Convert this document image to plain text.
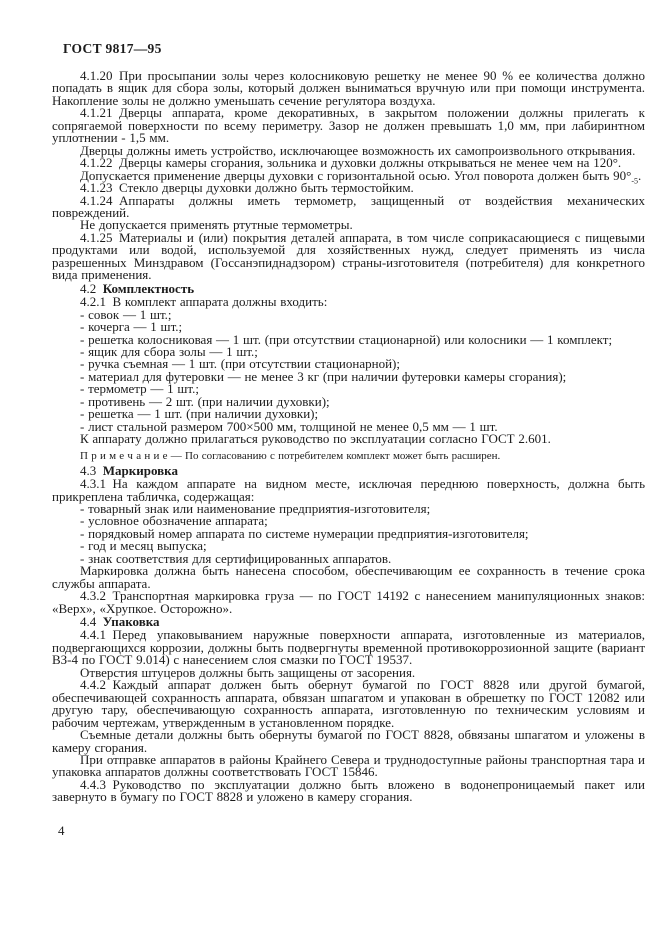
ГОСТ 9817—95
4.1.20 При просыпании золы через колосниковую решетку не менее 90 % ее количества должно попадать в ящик для сбора золы, который должен выниматься вручную или при помощи инструмента. Накопление золы не должно уменьшать сечение регулятора воздуха.
4.1.21 Дверцы аппарата, кроме декоративных, в закрытом положении должны прилегать к сопрягаемой поверхности по всему периметру. Зазор не должен превышать 1,0 мм, при лабиринтном уплотнении - 1,5 мм.
Дверцы должны иметь устройство, исключающее возможность их самопроизвольного открывания.
4.1.22 Дверцы камеры сгорания, зольника и духовки должны открываться не менее чем на 120°.
Допускается применение дверцы духовки с горизонтальной осью. Угол поворота должен быть $90^\circ_{-5}$.
4.1.23 Стекло дверцы духовки должно быть термостойким.
4.1.24 Аппараты должны иметь термометр, защищенный от воздействия механических повреждений.
Не допускается применять ртутные термометры.
4.1.25 Материалы и (или) покрытия деталей аппарата, в том числе соприкасающиеся с пищевыми продуктами или водой, используемой для хозяйственных нужд, следует применять из числа разрешенных Минздравом (Госсанэпиднадзором) страны-изготовителя (потребителя) для конкретного вида применения.
4.2 Комплектность
4.2.1 В комплект аппарата должны входить:
- совок — 1 шт.;
- кочерга — 1 шт.;
- решетка колосниковая — 1 шт. (при отсутствии стационарной) или колосники — 1 комплект;
- ящик для сбора золы — 1 шт.;
- ручка съемная — 1 шт. (при отсутствии стационарной);
- материал для футеровки — не менее 3 кг (при наличии футеровки камеры сгорания);
- термометр — 1 шт.;
- противень — 2 шт. (при наличии духовки);
- решетка — 1 шт. (при наличии духовки);
- лист стальной размером 700×500 мм, толщиной не менее 0,5 мм — 1 шт.
К аппарату должно прилагаться руководство по эксплуатации согласно ГОСТ 2.601.
П р и м е ч а н и е — По согласованию с потребителем комплект может быть расширен.
4.3 Маркировка
4.3.1 На каждом аппарате на видном месте, исключая переднюю поверхность, должна быть прикреплена табличка, содержащая:
- товарный знак или наименование предприятия-изготовителя;
- условное обозначение аппарата;
- порядковый номер аппарата по системе нумерации предприятия-изготовителя;
- год и месяц выпуска;
- знак соответствия для сертифицированных аппаратов.
Маркировка должна быть нанесена способом, обеспечивающим ее сохранность в течение срока службы аппарата.
4.3.2 Транспортная маркировка груза — по ГОСТ 14192 с нанесением манипуляционных знаков: «Верх», «Хрупкое. Осторожно».
4.4 Упаковка
4.4.1 Перед упаковыванием наружные поверхности аппарата, изготовленные из материалов, подвергающихся коррозии, должны быть подвергнуты временной противокоррозионной защите (вариант ВЗ-4 по ГОСТ 9.014) с нанесением слоя смазки по ГОСТ 19537.
Отверстия штуцеров должны быть защищены от засорения.
4.4.2 Каждый аппарат должен быть обернут бумагой по ГОСТ 8828 или другой бумагой, обеспечивающей сохранность аппарата, обвязан шпагатом и упакован в обрешетку по ГОСТ 12082 или другую тару, обеспечивающую сохранность аппарата, изготовленную по техническим условиям и рабочим чертежам, утвержденным в установленном порядке.
Съемные детали должны быть обернуты бумагой по ГОСТ 8828, обвязаны шпагатом и уложены в камеру сгорания.
При отправке аппаратов в районы Крайнего Севера и труднодоступные районы транспортная тара и упаковка аппаратов должны соответствовать ГОСТ 15846.
4.4.3 Руководство по эксплуатации должно быть вложено в водонепроницаемый пакет или завернуто в бумагу по ГОСТ 8828 и уложено в камеру сгорания.
4
